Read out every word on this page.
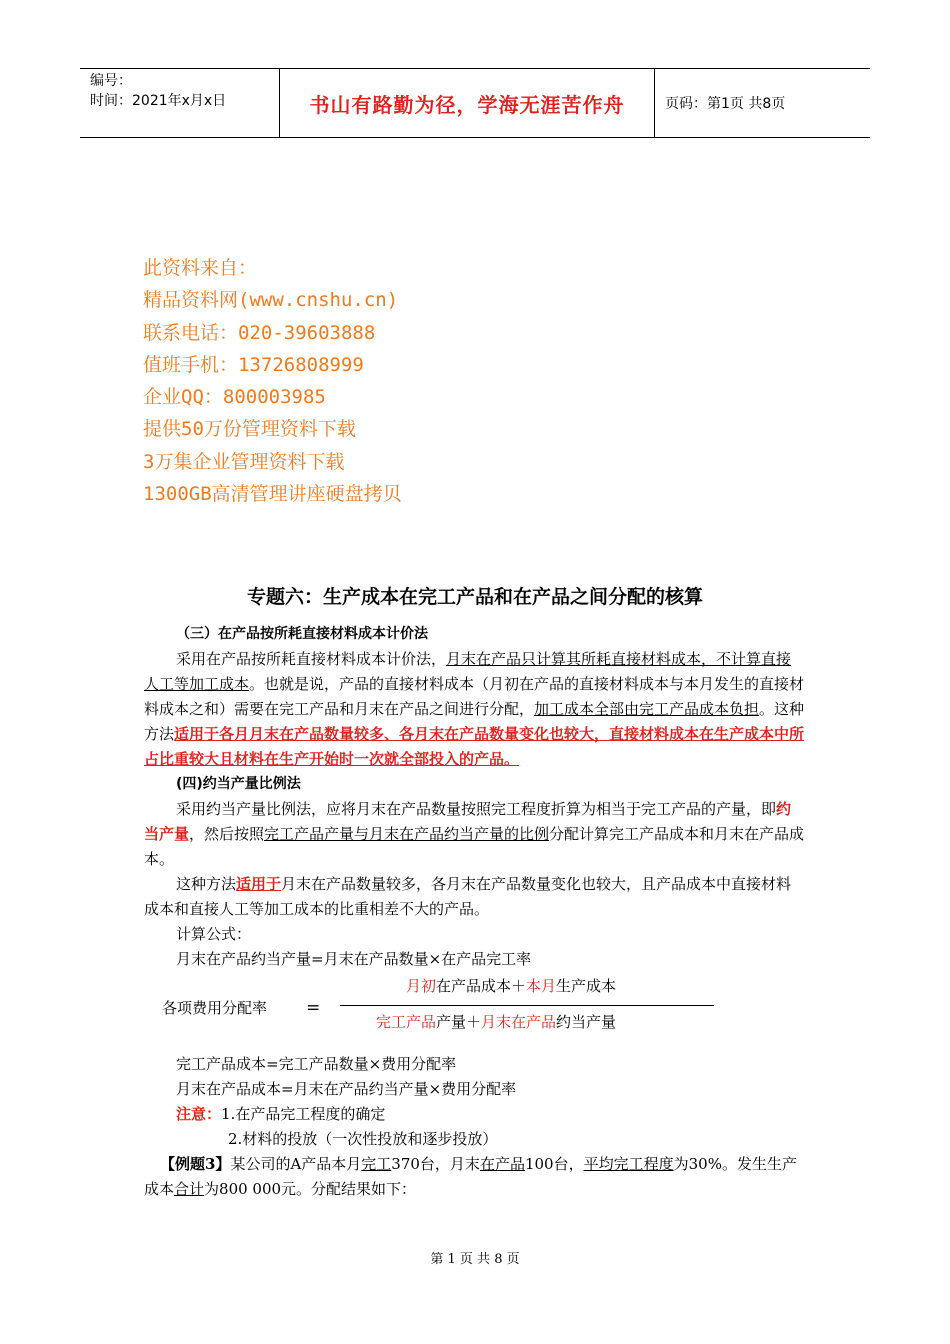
编号：
时间：2021年x月x日	书山有路勤为径，学海无涯苦作舟	页码：第1页 共8页
此资料来自：
精品资料网(www.cnshu.cn)
联系电话：020-39603888
值班手机：13726808999
企业QQ：800003985
提供50万份管理资料下载
3万集企业管理资料下载
1300GB高清管理讲座硬盘拷贝
专题六：生产成本在完工产品和在产品之间分配的核算

（三）在产品按所耗直接材料成本计价法

采用在产品按所耗直接材料成本计价法，月末在产品只计算其所耗直接材料成本，不计算直接人工等加工成本。也就是说，产品的直接材料成本（月初在产品的直接材料成本与本月发生的直接材料成本之和）需要在完工产品和月末在产品之间进行分配，加工成本全部由完工产品成本负担。这种方法适用于各月月末在产品数量较多、各月末在产品数量变化也较大，直接材料成本在生产成本中所占比重较大且材料在生产开始时一次就全部投入的产品。

(四)约当产量比例法

采用约当产量比例法，应将月末在产品数量按照完工程度折算为相当于完工产品的产量，即约当产量，然后按照完工产品产量与月末在产品约当产量的比例分配计算完工产品成本和月末在产品成本。

这种方法适用于月末在产品数量较多，各月末在产品数量变化也较大，且产品成本中直接材料成本和直接人工等加工成本的比重相差不大的产品。

计算公式：

月末在产品约当产量=月末在产品数量×在产品完工率

各项费用分配率 =
月初在产品成本＋本月生产成本
完工产品产量＋月末在产品约当产量

完工产品成本=完工产品数量×费用分配率

月末在产品成本=月末在产品约当产量×费用分配率

注意：1.在产品完工程度的确定

2.材料的投放（一次性投放和逐步投放）

【例题3】某公司的A产品本月完工370台，月末在产品100台，平均完工程度为30%。发生生产成本合计为800 000元。分配结果如下：

第 1 页 共 8 页
